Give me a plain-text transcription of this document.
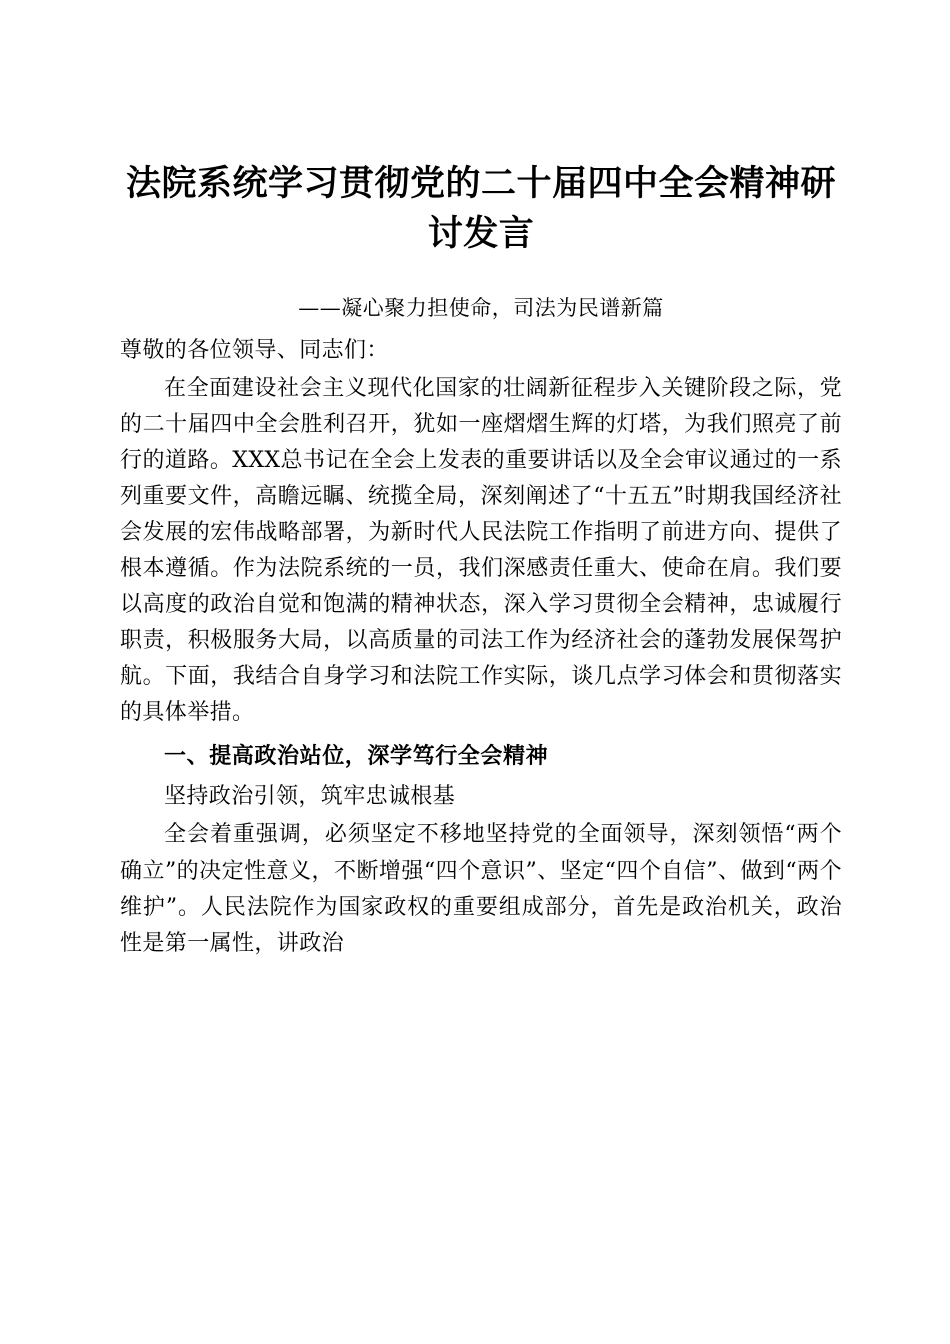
法院系统学习贯彻党的二十届四中全会精神研讨发言

——凝心聚力担使命，司法为民谱新篇

尊敬的各位领导、同志们：

在全面建设社会主义现代化国家的壮阔新征程步入关键阶段之际，党的二十届四中全会胜利召开，犹如一座熠熠生辉的灯塔，为我们照亮了前行的道路。XXX总书记在全会上发表的重要讲话以及全会审议通过的一系列重要文件，高瞻远瞩、统揽全局，深刻阐述了“十五五”时期我国经济社会发展的宏伟战略部署，为新时代人民法院工作指明了前进方向、提供了根本遵循。作为法院系统的一员，我们深感责任重大、使命在肩。我们要以高度的政治自觉和饱满的精神状态，深入学习贯彻全会精神，忠诚履行职责，积极服务大局，以高质量的司法工作为经济社会的蓬勃发展保驾护航。下面，我结合自身学习和法院工作实际，谈几点学习体会和贯彻落实的具体举措。

一、提高政治站位，深学笃行全会精神

坚持政治引领，筑牢忠诚根基

全会着重强调，必须坚定不移地坚持党的全面领导，深刻领悟“两个确立”的决定性意义，不断增强“四个意识”、坚定“四个自信”、做到“两个维护”。人民法院作为国家政权的重要组成部分，首先是政治机关，政治性是第一属性，讲政治
